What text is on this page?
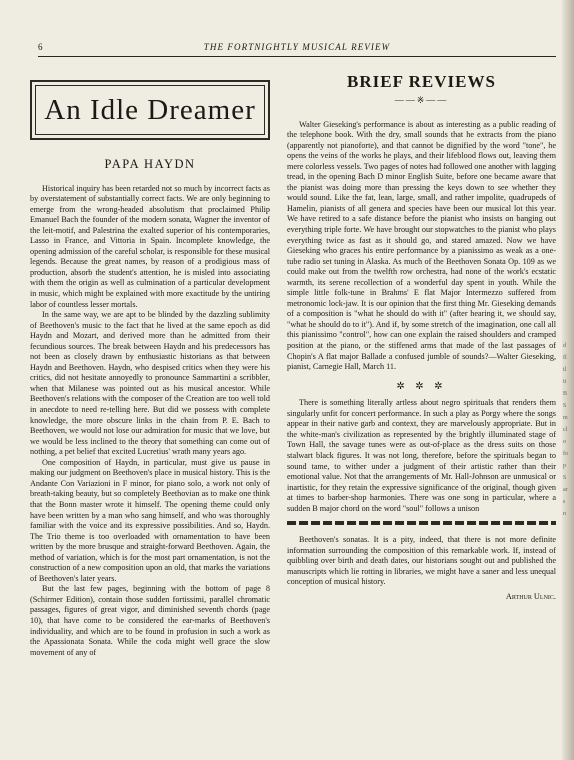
d
fl
tl
ti
B
S
m
cl
o
fo
p
S
ar
s
n
6	THE FORTNIGHTLY MUSICAL REVIEW
An Idle Dreamer
PAPA HAYDN

Historical inquiry has been retarded not so much by incorrect facts as by overstatement of substantially correct facts. We are only beginning to emerge from the wrong-headed absolutism that proclaimed Philip Emanuel Bach the founder of the modern sonata, Wagner the inventor of the leit-motif, and Palestrina the exalted superior of his contemporaries, Lasso in France, and Vittoria in Spain. Incomplete knowledge, the opening admission of the careful scholar, is responsible for these musical legends. Because the great names, by reason of a prodigious mass of production, absorb the student's attention, he is misled into associating with them the origin as well as culmination of a particular development in music, which might be explained with more exactitude by the untiring labor of countless lesser mortals.

In the same way, we are apt to be blinded by the dazzling sublimity of Beethoven's music to the fact that he lived at the same epoch as did Haydn and Mozart, and derived more than he admitted from their fecundious sources. The break between Haydn and his predecessors has not been as closely drawn by enthusiastic historians as that between Haydn and Beethoven. Haydn, who despised critics when they were his critics, did not hesitate annoyedly to pronounce Sammartini a scribbler, when that Milanese was pointed out as his musical ancestor. While Beethoven's relations with the composer of the Creation are too well told in anecdote to need re-telling here. But did we possess with complete knowledge, the more obscure links in the chain from P. E. Bach to Beethoven, we would not lose our admiration for music that we love, but we would be less inclined to the theory that something can come out of nothing, a pet belief that excited Lucretius' wrath many years ago.

One composition of Haydn, in particular, must give us pause in making our judgment on Beethoven's place in musical history. This is the Andante Con Variazioni in F minor, for piano solo, a work not only of breath-taking beauty, but so completely Beethovian as to make one think that the Bonn master wrote it himself. The opening theme could only have been written by a man who sang himself, and who was thoroughly familiar with the voice and its expressive possibilities. And so, Haydn. The Trio theme is too overloaded with ornamentation to have been written by the more brusque and straight-forward Beethoven. Again, the method of variation, which is for the most part ornamentation, is not the construction of a new composition upon an old, that marks the variations of Beethoven's later years.

But the last few pages, beginning with the bottom of page 8 (Schirmer Edition), contain those sudden fortissimi, parallel chromatic passages, figures of great vigor, and diminished seventh chords (page 10), that have come to be considered the ear-marks of Beethoven's individuality, and which are to be found in profusion in such a work as the Apassionata Sonata. While the coda might well grace the slow movement of any of

BRIEF REVIEWS
——※——

Walter Gieseking's performance is about as interesting as a public reading of the telephone book. With the dry, small sounds that he extracts from the piano (apparently not pianoforte), and that cannot be dignified by the word "tone", he opens the veins of the works he plays, and their lifeblood flows out, leaving them mere colorless vessels. Two pages of notes had followed one another with lagging tread, in the opening Bach D minor English Suite, before one became aware that the pianist was doing more than pressing the keys down to see whether they would sound. Like the fat, lean, large, small, and rather impolite, quadrupeds of Hamelin, pianists of all genera and species have been our musical lot this year. We have retired to a safe distance before the pianist who insists on banging out everything triple forte. We have brought our stopwatches to the pianist who plays everything twice as fast as it should go, and stared amazed. Now we have Gieseking who graces his entire performance by a pianissimo as weak as a one-tube radio set tuning in Alaska. As much of the Beethoven Sonata Op. 109 as we could make out from the twelfth row orchestra, had none of the work's ecstatic warmth, its serene recollection of a wonderful day spent in youth. While the simple little folk-tune in Brahms' E flat Major Intermezzo suffered from metronomic lock-jaw. It is our opinion that the first thing Mr. Gieseking demands of a composition is "what he should do with it" (after hearing it, we should say, "what he should do to it"). And if, by some stretch of the imagination, one call all this pianissimo "control", how can one explain the raised shoulders and cramped position at the piano, or the stiffened arms that made of the last passages of Chopin's A flat major Ballade a confused jumble of sounds?—Walter Gieseking, pianist, Carnegie Hall, March 11.

✲ ✲ ✲

There is something literally artless about negro spirituals that renders them singularly unfit for concert performance. In such a play as Porgy where the songs appear in their native garb and context, they are marvelously appropriate. But in the white-man's civilization as represented by the brightly illuminated stage of Town Hall, the savage tunes were as out-of-place as the dress suits on those stalwart black figures. It was not long, therefore, before the spirituals began to sound tame, to wither under a judgment of their artistic rather than their emotional value. Not that the arrangements of Mr. Hall-Johnson are unmusical or inartistic, for they retain the expressive significance of the original, though given at times to barber-shop harmonies. There was one song in particular, where a sudden B major chord on the word "soul" follows a unison

Beethoven's sonatas. It is a pity, indeed, that there is not more definite information surrounding the composition of this remarkable work. If, instead of quibbling over birth and death dates, our historians sought out and published the manuscripts which lie rotting in libraries, we might have a saner and less unequal conception of musical history.

Arthur Ulnic.
